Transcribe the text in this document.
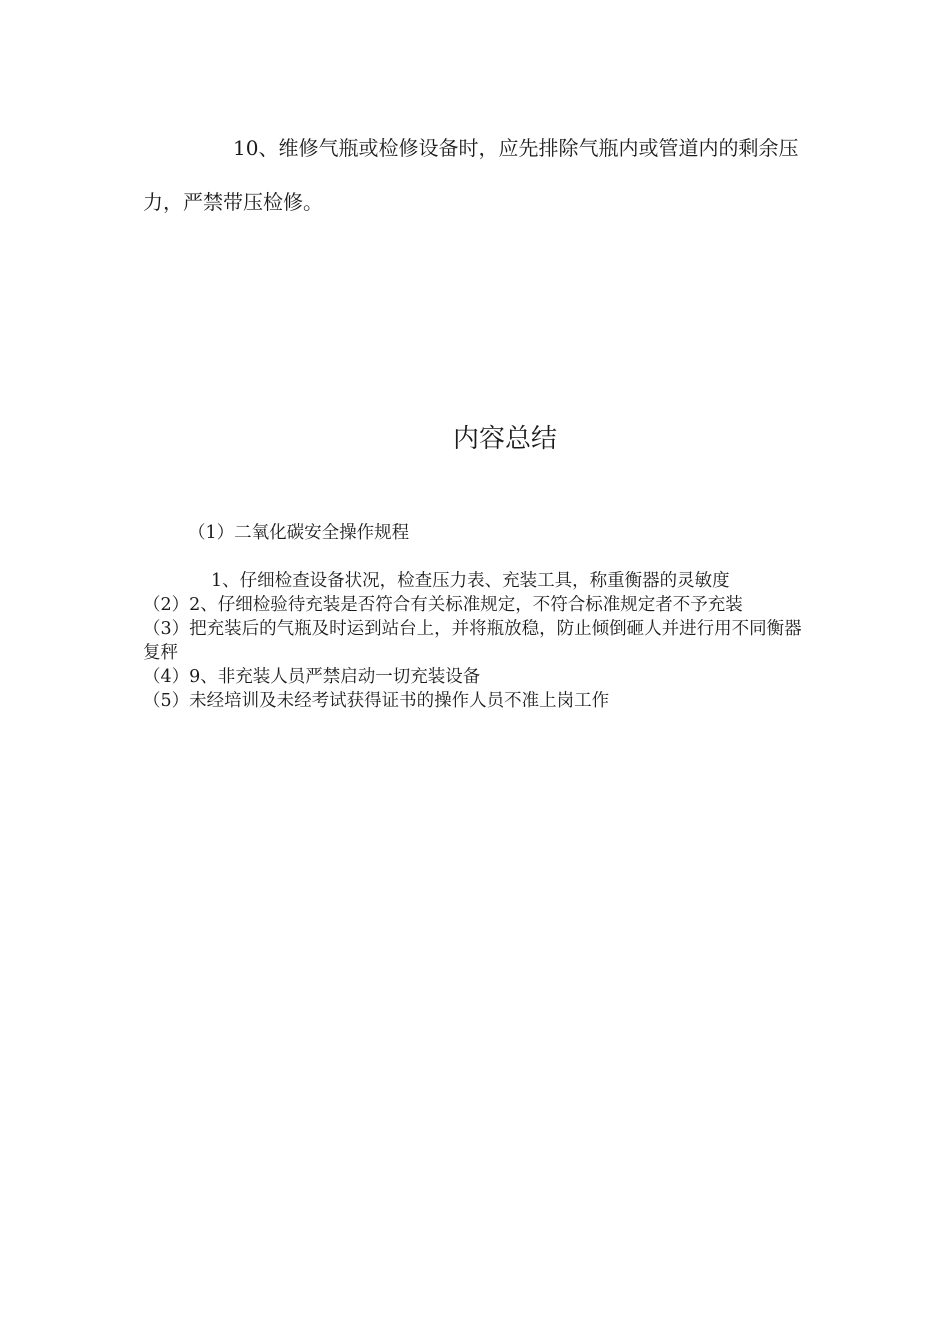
10、维修气瓶或检修设备时，应先排除气瓶内或管道内的剩余压力，严禁带压检修。

内容总结

（1）二氧化碳安全操作规程

1、仔细检查设备状况，检查压力表、充装工具，称重衡器的灵敏度
（2）2、仔细检验待充装是否符合有关标准规定，不符合标准规定者不予充装
（3）把充装后的气瓶及时运到站台上，并将瓶放稳，防止倾倒砸人并进行用不同衡器复秤
（4）9、非充装人员严禁启动一切充装设备
（5）未经培训及未经考试获得证书的操作人员不准上岗工作
